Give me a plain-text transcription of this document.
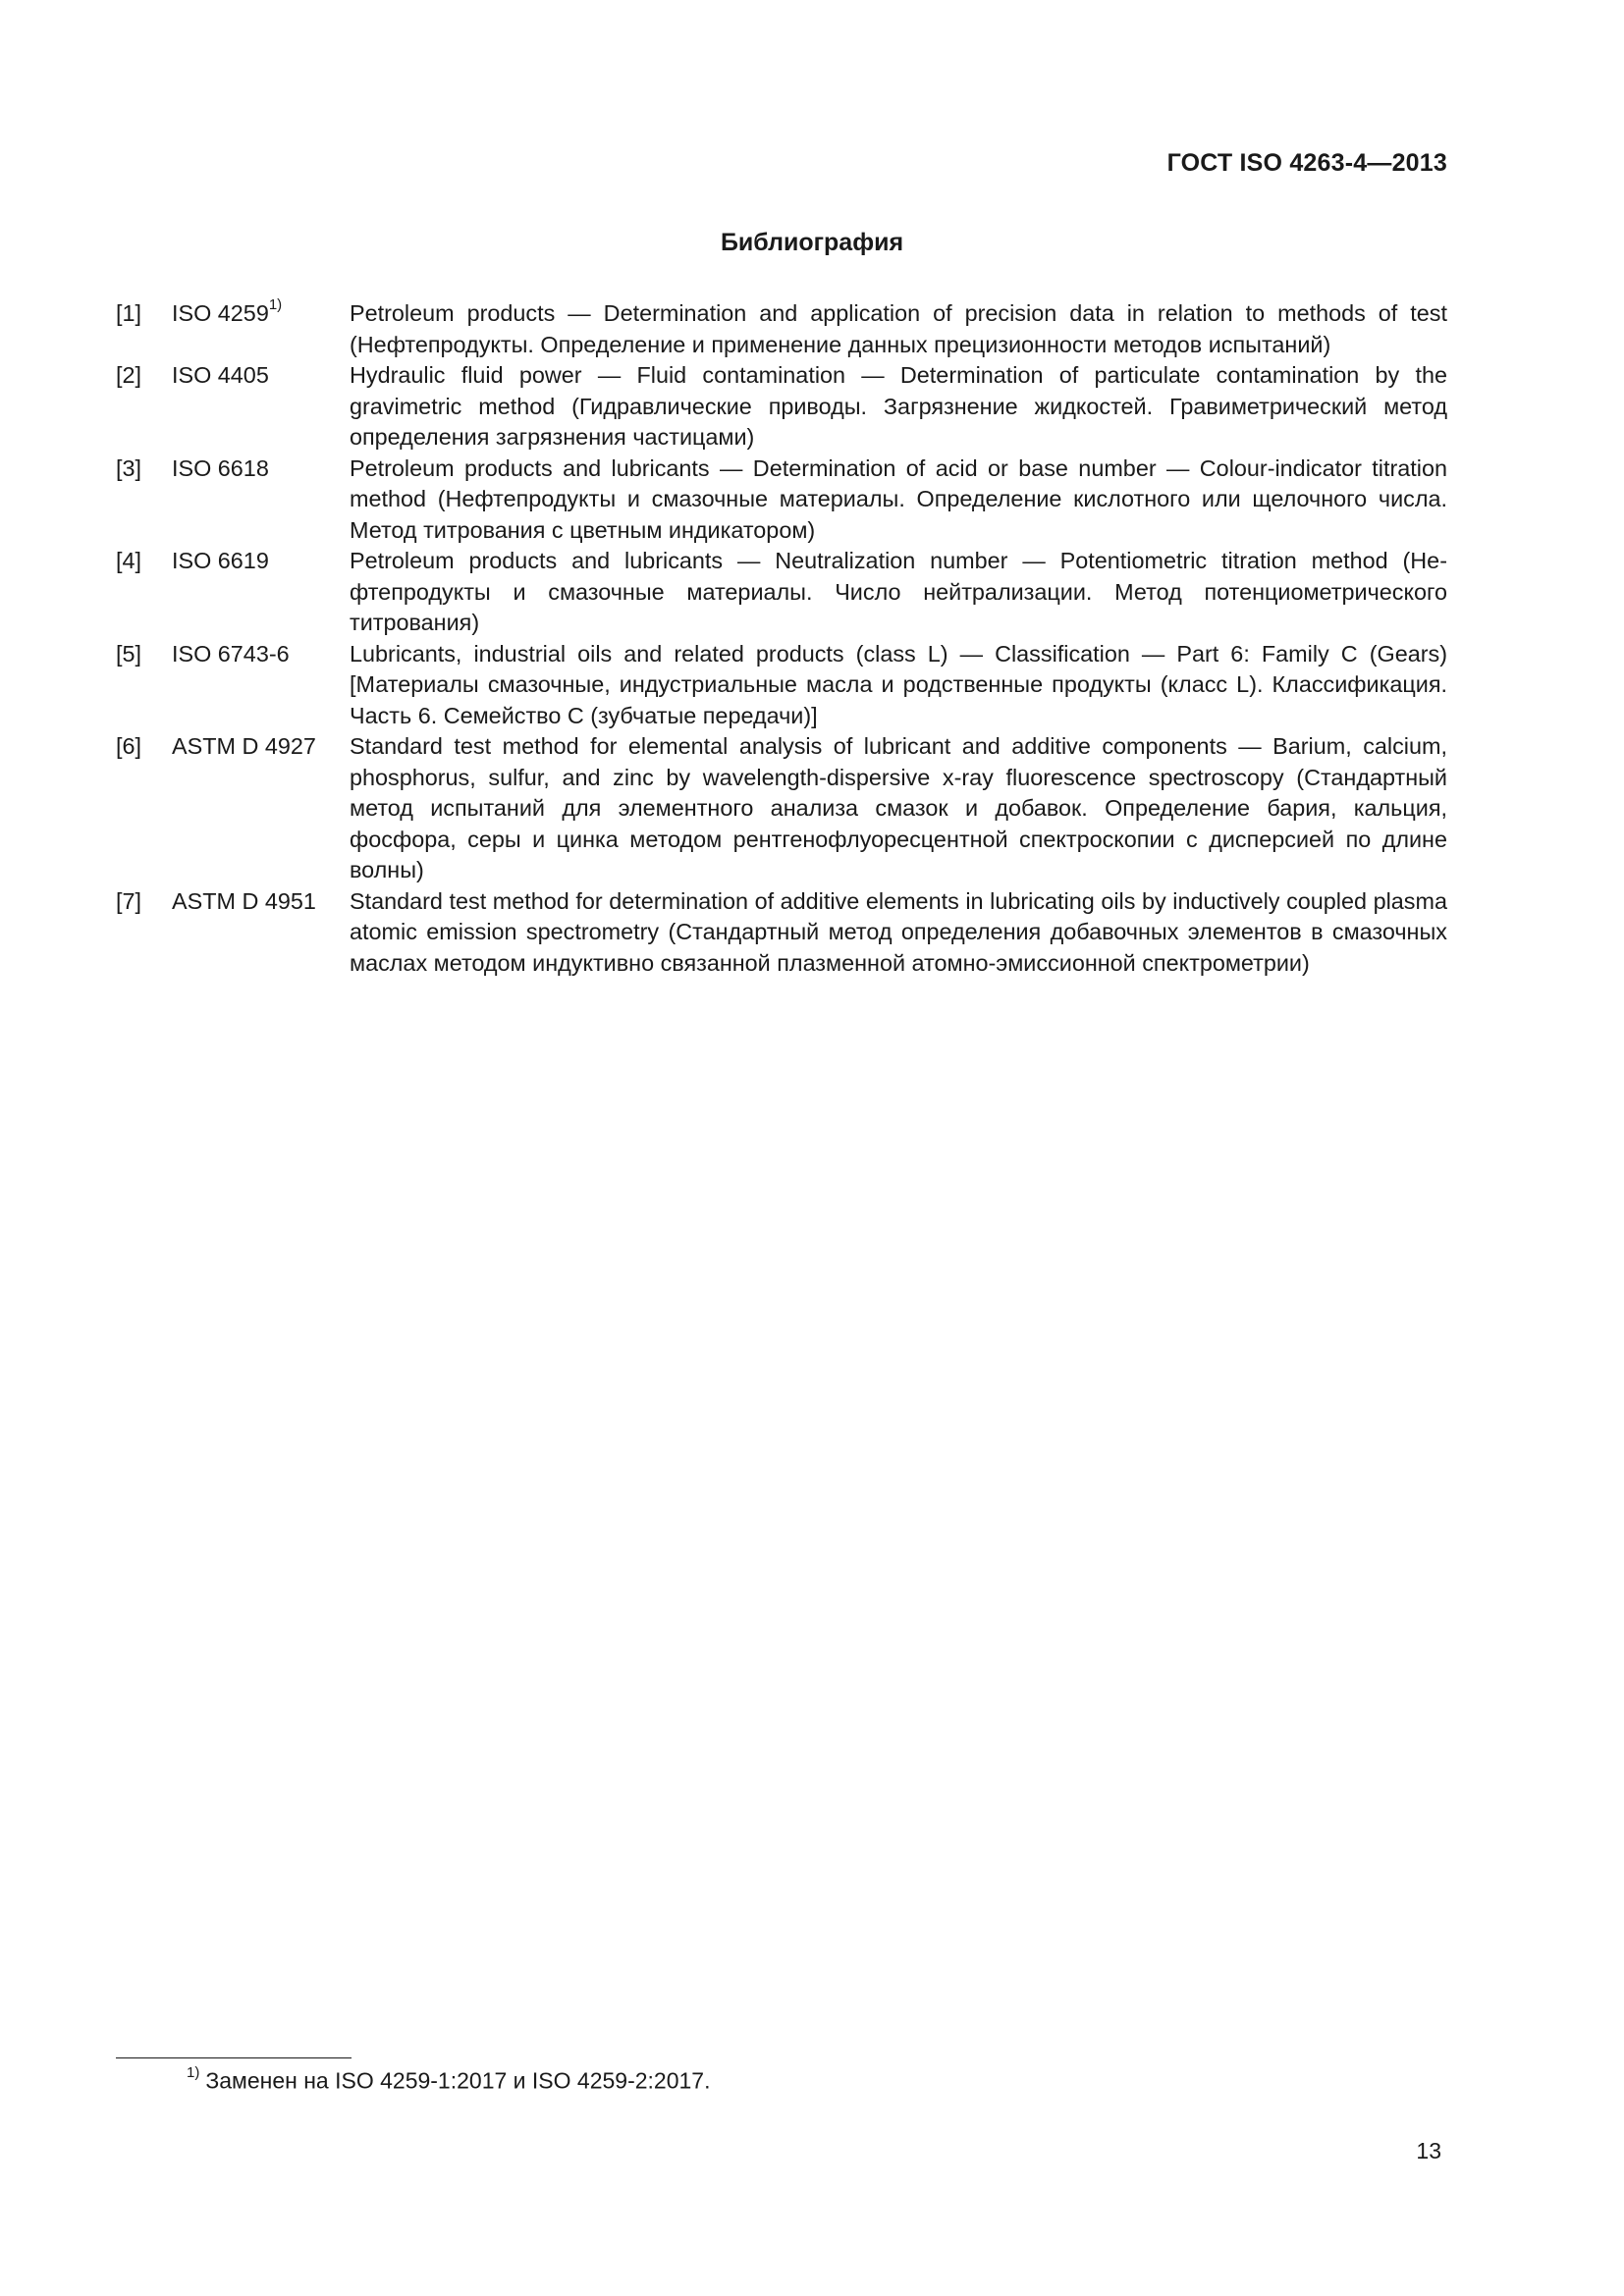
ГОСТ ISO 4263-4—2013
Библиография
[1]	ISO 4259$^{1)}$	Petroleum products — Determination and application of precision data in relation to methods of test (Нефтепродукты. Определение и применение данных прецизионности методов испытаний)
[2]	ISO 4405	Hydraulic fluid power — Fluid contamination — Determination of particulate contamination by the gravimetric method (Гидравлические приводы. Загрязнение жидкостей. Гравиметрический метод определения загрязнения частицами)
[3]	ISO 6618	Petroleum products and lubricants — Determination of acid or base number — Colour-indicator titration method (Нефтепродукты и смазочные материалы. Определение кислотного или щелочного числа. Метод титрования с цветным индикатором)
[4]	ISO 6619	Petroleum products and lubricants — Neutralization number — Potentiometric titration method (Нефтепродукты и смазочные материалы. Число нейтрализации. Метод потенциометрического титрования)
[5]	ISO 6743-6	Lubricants, industrial oils and related products (class L) — Classification — Part 6: Family C (Gears) [Материалы смазочные, индустриальные масла и родственные продукты (класс L). Классификация. Часть 6. Семейство С (зубчатые передачи)]
[6]	ASTM D 4927	Standard test method for elemental analysis of lubricant and additive components — Barium, calcium, phosphorus, sulfur, and zinc by wavelength-dispersive x-ray fluorescence spectroscopy (Стандартный метод испытаний для элементного анализа смазок и добавок. Определение бария, кальция, фосфора, серы и цинка методом рентгенофлуоресцентной спектроскопии с дисперсией по длине волны)
[7]	ASTM D 4951	Standard test method for determination of additive elements in lubricating oils by inductively coupled plasma atomic emission spectrometry (Стандартный метод определения добавочных элементов в смазочных маслах методом индуктивно связанной плазменной атомно-эмиссионной спектрометрии)
$^{1)}$ Заменен на ISO 4259-1:2017 и ISO 4259-2:2017.
13
